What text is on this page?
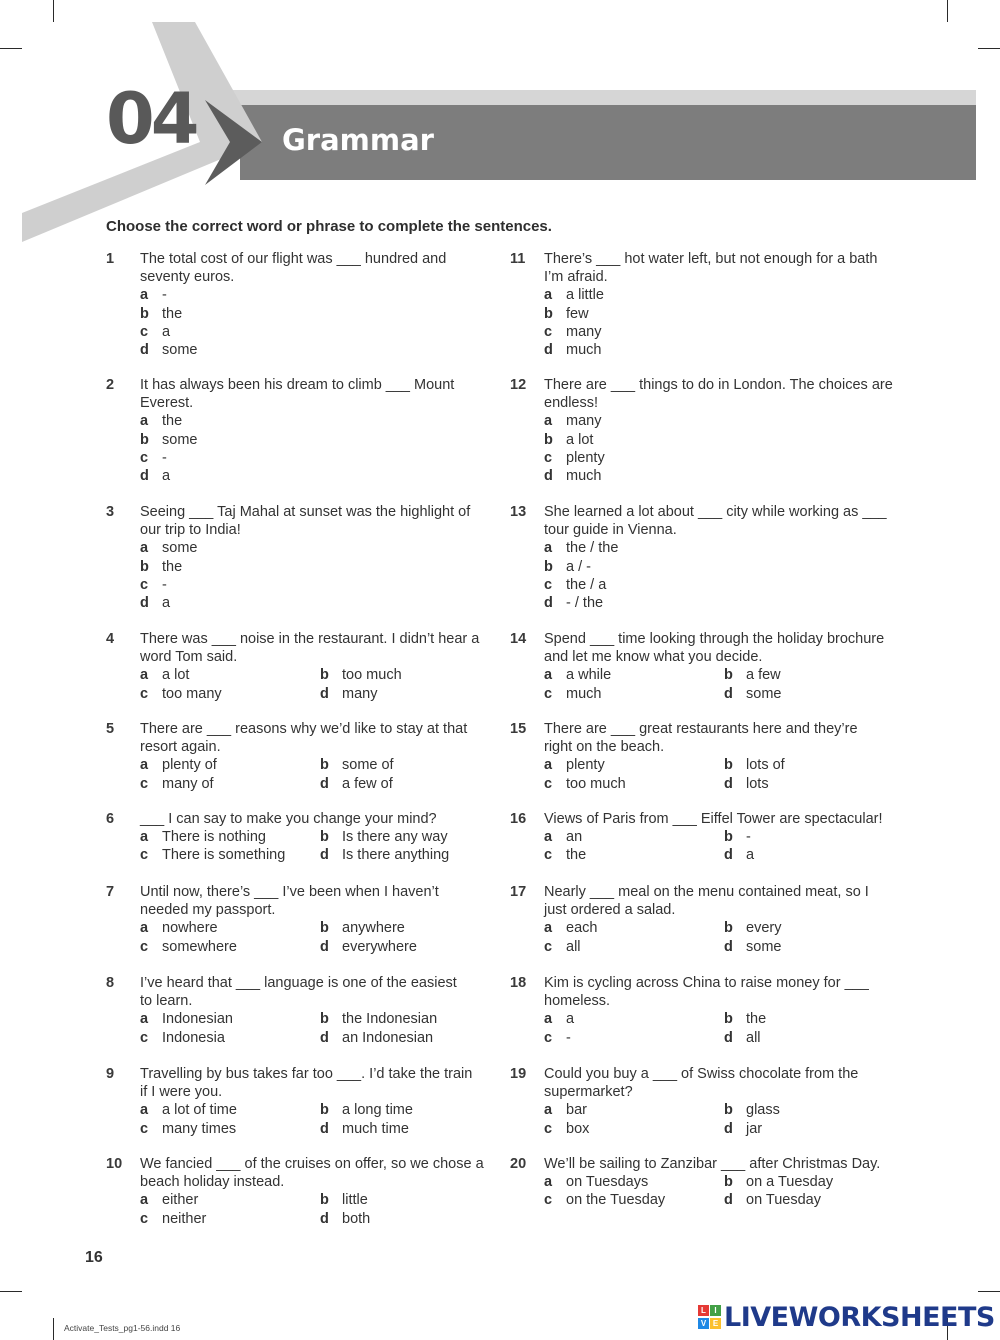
04	Grammar
Choose the correct word or phrase to complete the sentences.
1 The total cost of our flight was ___ hundred and
seventy euros.
a -
b the
c a
d some
2 It has always been his dream to climb ___ Mount
Everest.
a the
b some
c -
d a
3 Seeing ___ Taj Mahal at sunset was the highlight of
our trip to India!
a some
b the
c -
d a
4 There was ___ noise in the restaurant. I didn’t hear a
word Tom said.
a a lot	b too much
c too many	d many
5 There are ___ reasons why we’d like to stay at that
resort again.
a plenty of	b some of
c many of	d a few of
6 ___ I can say to make you change your mind?
a There is nothing	b Is there any way
c There is something d Is there anything
7 Until now, there’s ___ I’ve been when I haven’t
needed my passport.
a nowhere	b anywhere
c somewhere	d everywhere
8 I’ve heard that ___ language is one of the easiest
to learn.
a Indonesian	b the Indonesian
c Indonesia	d an Indonesian
9 Travelling by bus takes far too ___. I’d take the train
if I were you.
a a lot of time	b a long time
c many times	d much time
10 We fancied ___ of the cruises on offer, so we chose a
beach holiday instead.
a either	b little
c neither	d both
11 There’s ___ hot water left, but not enough for a bath
I’m afraid.
a a little
b few
c many
d much
12 There are ___ things to do in London. The choices are
endless!
a many
b a lot
c plenty
d much
13 She learned a lot about ___ city while working as ___
tour guide in Vienna.
a the / the
b a / -
c the / a
d - / the
14 Spend ___ time looking through the holiday brochure
and let me know what you decide.
a a while	b a few
c much	d some
15 There are ___ great restaurants here and they’re
right on the beach.
a plenty	b lots of
c too much	d lots
16 Views of Paris from ___ Eiffel Tower are spectacular!
a an	b -
c the	d a
17 Nearly ___ meal on the menu contained meat, so I
just ordered a salad.
a each	b every
c all	d some
18 Kim is cycling across China to raise money for ___
homeless.
a a	b the
c -	d all
19 Could you buy a ___ of Swiss chocolate from the
supermarket?
a bar	b glass
c box	d jar
20 We’ll be sailing to Zanzibar ___ after Christmas Day.
a on Tuesdays	b on a Tuesday
c on the Tuesday	d on Tuesday
16
Activate_Tests_pg1-56.indd 16
L	I
V E LIVEWORKSHEETS
